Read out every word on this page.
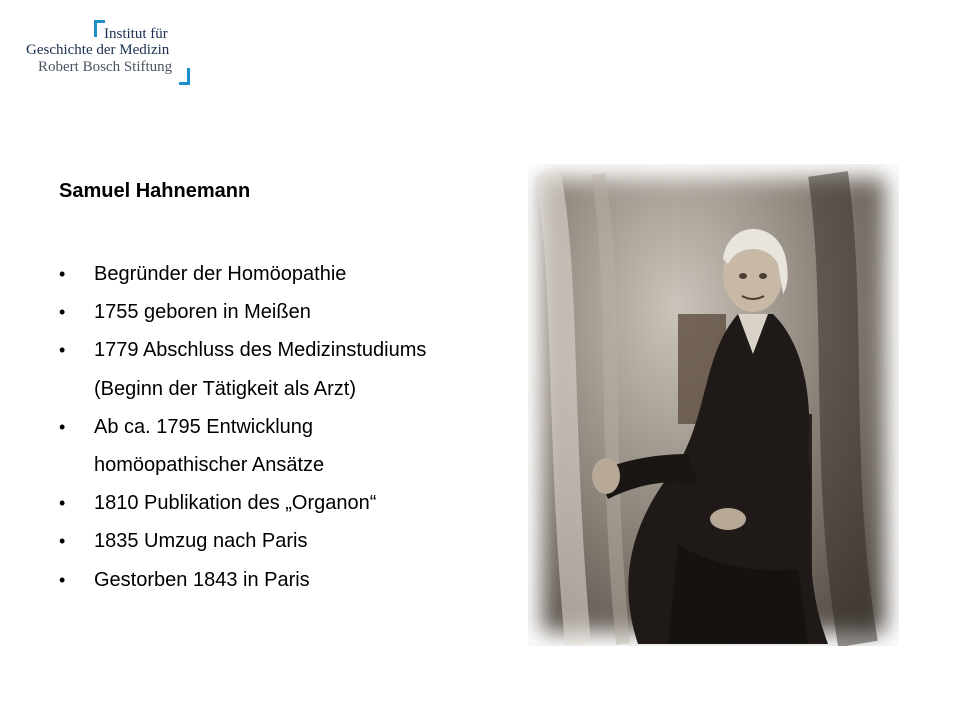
Institut für
Geschichte der Medizin
Robert Bosch Stiftung
Samuel Hahnemann
• Begründer der Homöopathie
• 1755 geboren in Meißen
• 1779 Abschluss des Medizinstudiums
(Beginn der Tätigkeit als Arzt)
• Ab ca. 1795 Entwicklung
homöopathischer Ansätze
• 1810 Publikation des „Organon“
• 1835 Umzug nach Paris
• Gestorben 1843 in Paris
